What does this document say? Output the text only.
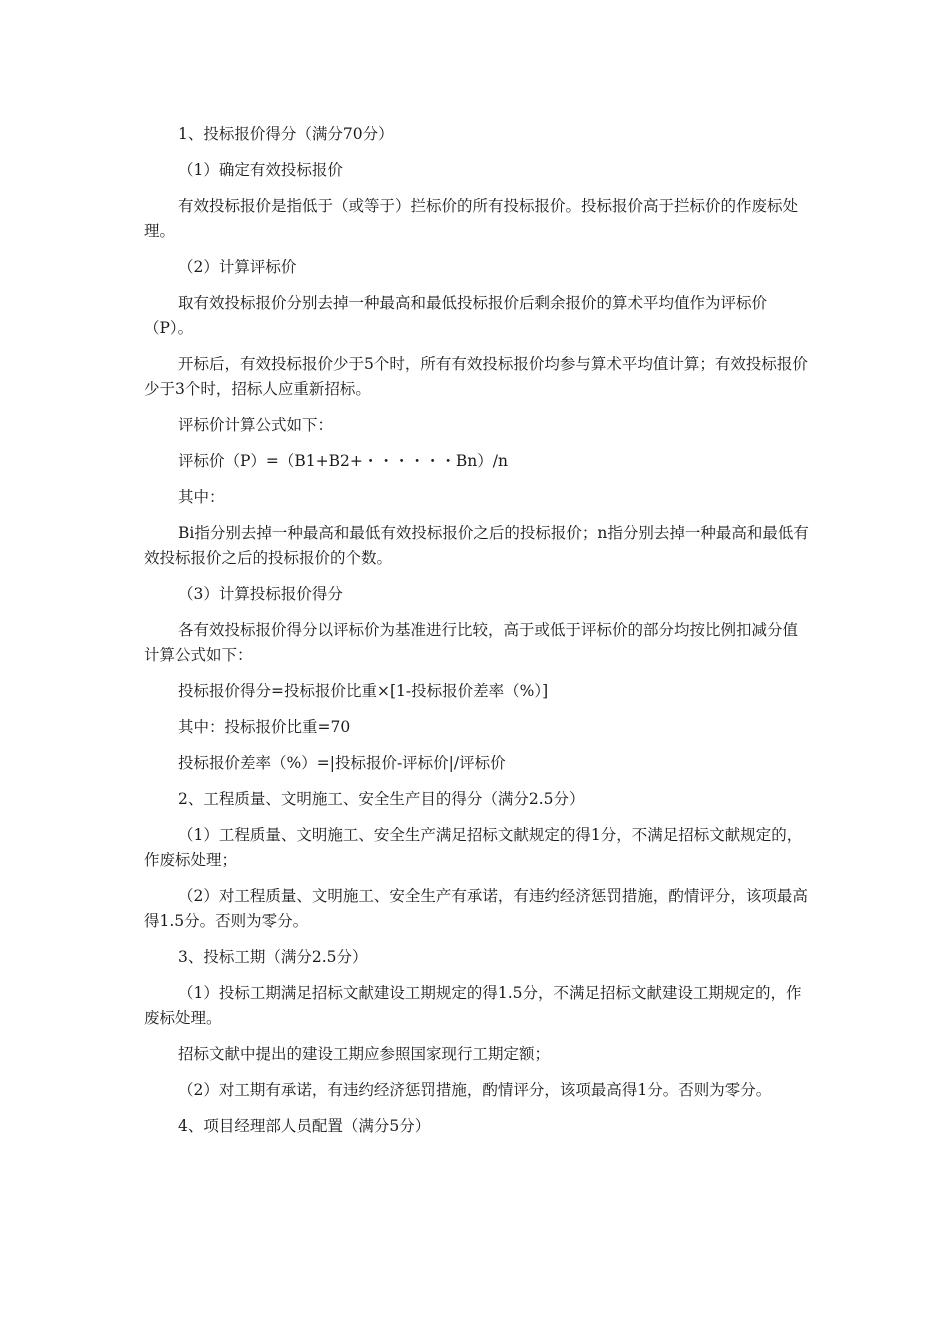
1、投标报价得分（满分70分）

（1）确定有效投标报价

有效投标报价是指低于（或等于）拦标价的所有投标报价。投标报价高于拦标价的作废标处理。

（2）计算评标价

取有效投标报价分别去掉一种最高和最低投标报价后剩余报价的算术平均值作为评标价（P）。

开标后，有效投标报价少于5个时，所有有效投标报价均参与算术平均值计算；有效投标报价少于3个时，招标人应重新招标。

评标价计算公式如下：

评标价（P）=（B1+B2+・・・・・・Bn）/n

其中：

Bi指分别去掉一种最高和最低有效投标报价之后的投标报价；n指分别去掉一种最高和最低有效投标报价之后的投标报价的个数。

（3）计算投标报价得分

各有效投标报价得分以评标价为基准进行比较，高于或低于评标价的部分均按比例扣减分值计算公式如下：

投标报价得分=投标报价比重×[1-投标报价差率（%）]

其中：投标报价比重=70

投标报价差率（%）=|投标报价-评标价|/评标价

2、工程质量、文明施工、安全生产目的得分（满分2.5分）

（1）工程质量、文明施工、安全生产满足招标文献规定的得1分，不满足招标文献规定的，作废标处理；

（2）对工程质量、文明施工、安全生产有承诺，有违约经济惩罚措施，酌情评分，该项最高得1.5分。否则为零分。

3、投标工期（满分2.5分）

（1）投标工期满足招标文献建设工期规定的得1.5分，不满足招标文献建设工期规定的，作废标处理。

招标文献中提出的建设工期应参照国家现行工期定额；

（2）对工期有承诺，有违约经济惩罚措施，酌情评分，该项最高得1分。否则为零分。

4、项目经理部人员配置（满分5分）
